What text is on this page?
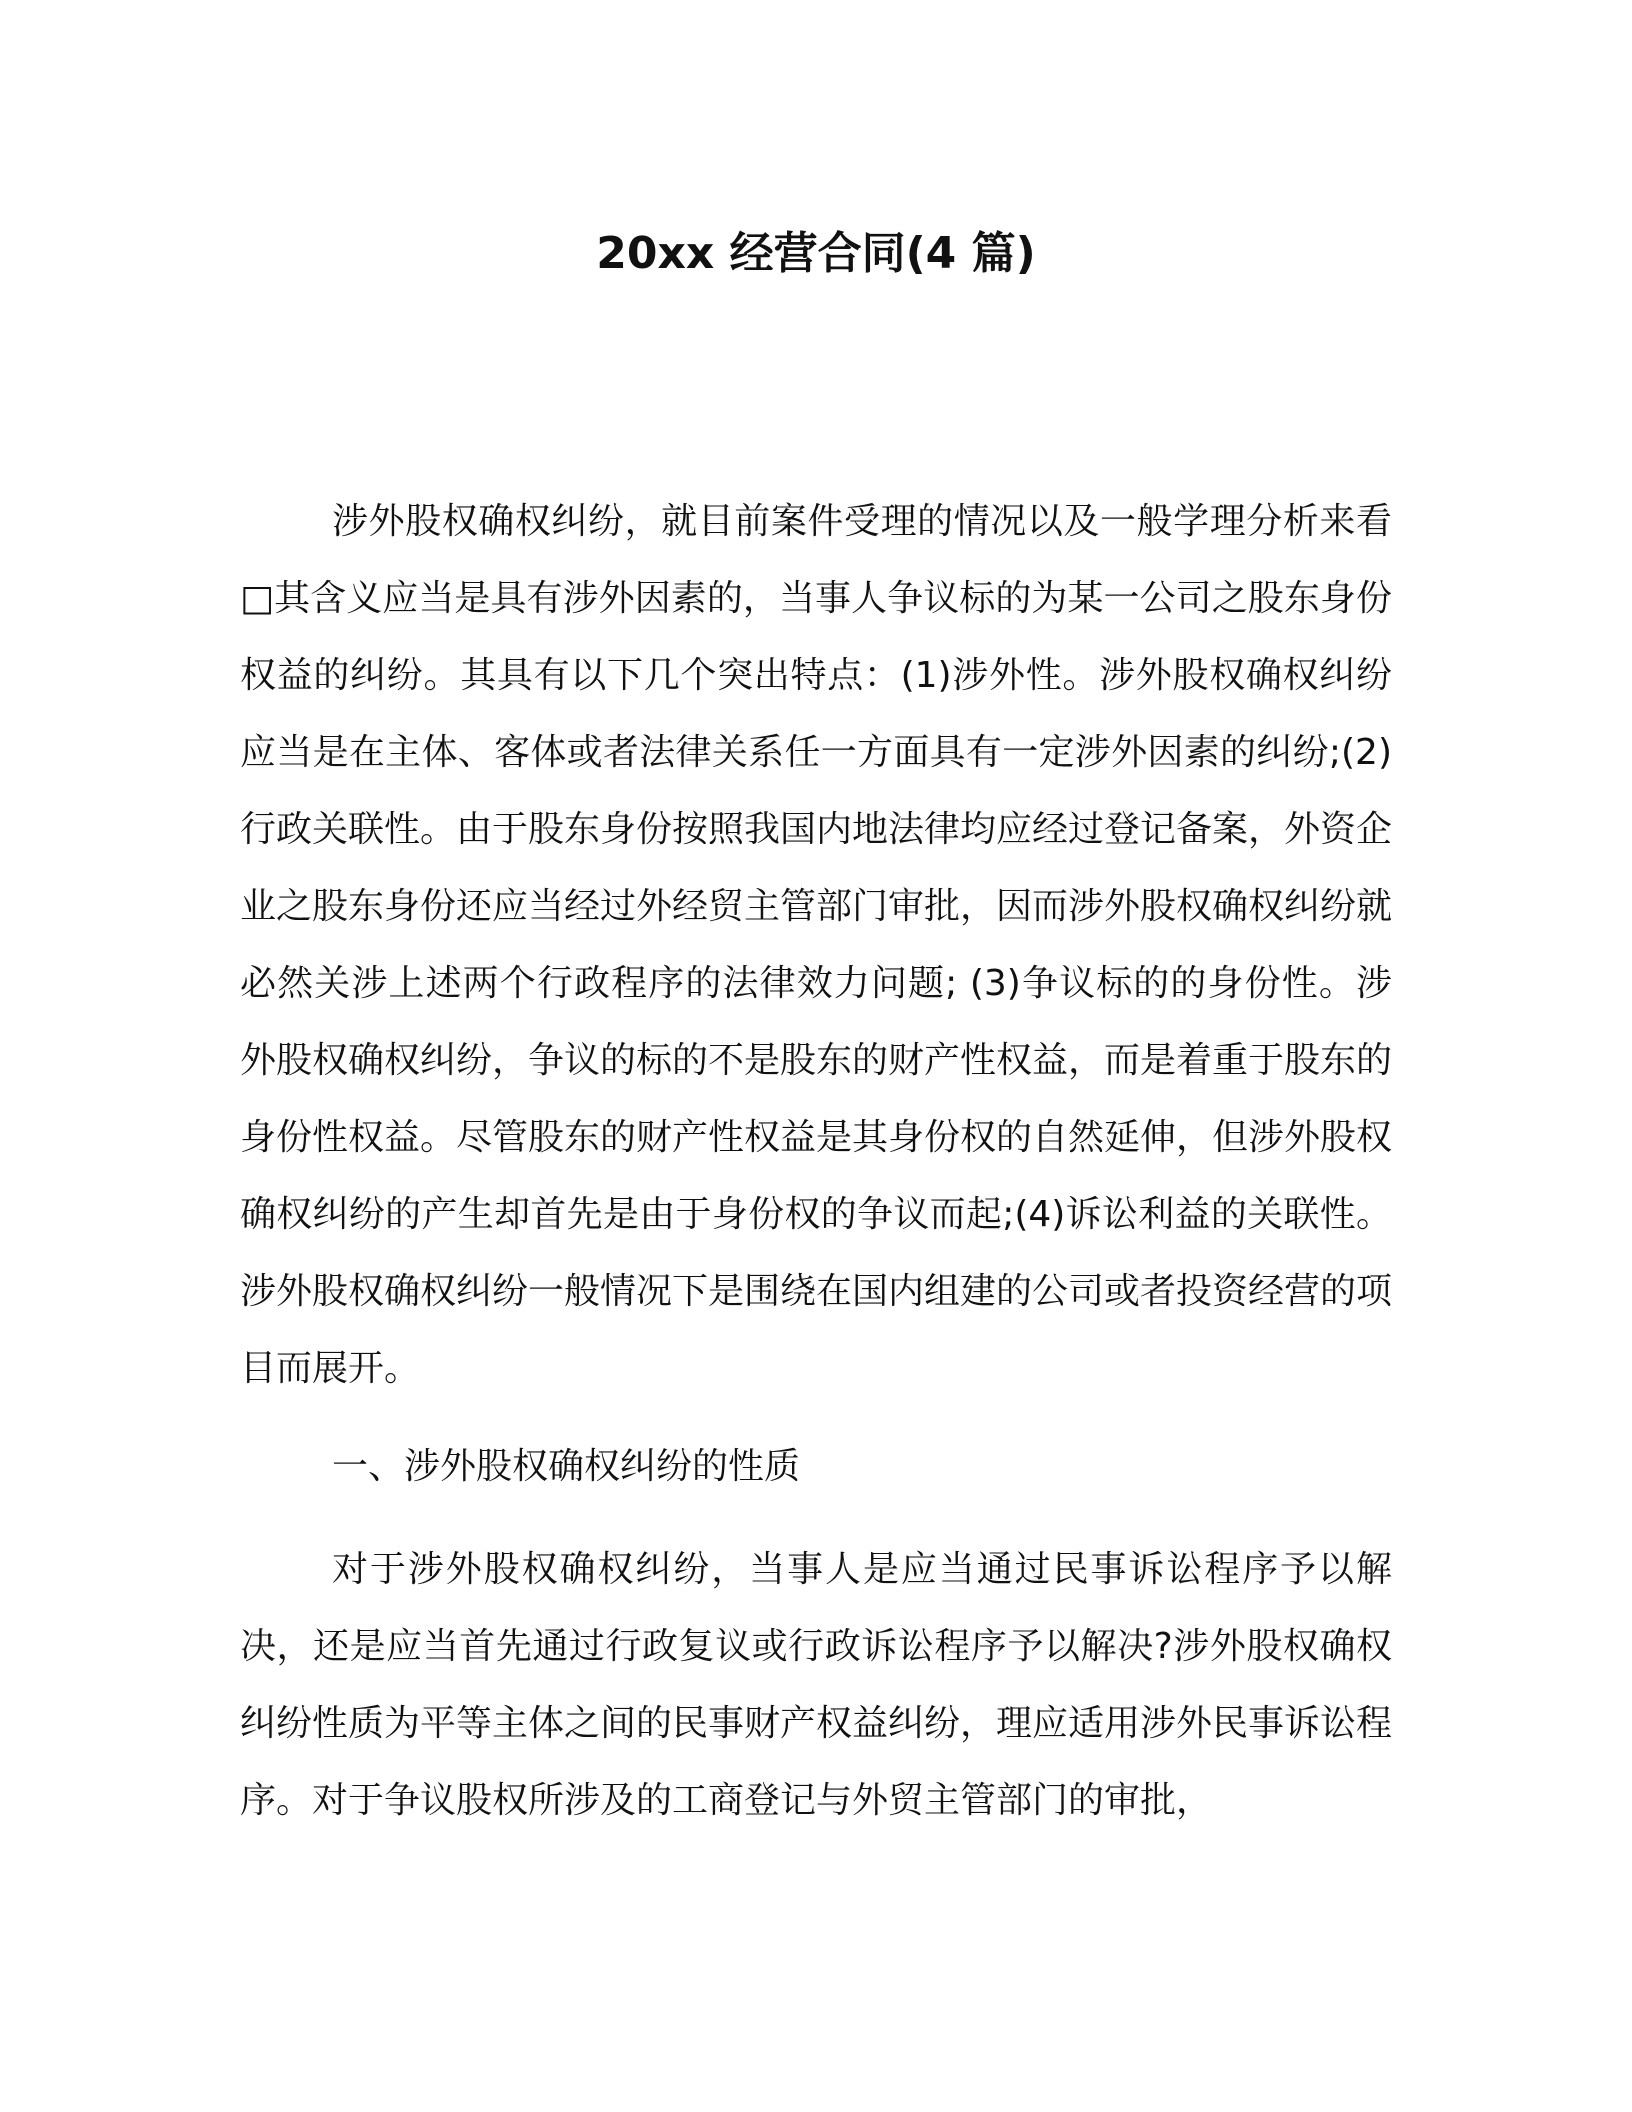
20xx 经营合同(4 篇)

涉外股权确权纠纷，就目前案件受理的情况以及一般学理分析来看□其含义应当是具有涉外因素的，当事人争议标的为某一公司之股东身份权益的纠纷。其具有以下几个突出特点：(1)涉外性。涉外股权确权纠纷应当是在主体、客体或者法律关系任一方面具有一定涉外因素的纠纷;(2)行政关联性。由于股东身份按照我国内地法律均应经过登记备案，外资企业之股东身份还应当经过外经贸主管部门审批，因而涉外股权确权纠纷就必然关涉上述两个行政程序的法律效力问题; (3)争议标的的身份性。涉外股权确权纠纷，争议的标的不是股东的财产性权益，而是着重于股东的身份性权益。尽管股东的财产性权益是其身份权的自然延伸，但涉外股权确权纠纷的产生却首先是由于身份权的争议而起;(4)诉讼利益的关联性。涉外股权确权纠纷一般情况下是围绕在国内组建的公司或者投资经营的项目而展开。

一、涉外股权确权纠纷的性质

对于涉外股权确权纠纷，当事人是应当通过民事诉讼程序予以解决，还是应当首先通过行政复议或行政诉讼程序予以解决?涉外股权确权纠纷性质为平等主体之间的民事财产权益纠纷，理应适用涉外民事诉讼程序。对于争议股权所涉及的工商登记与外贸主管部门的审批，
